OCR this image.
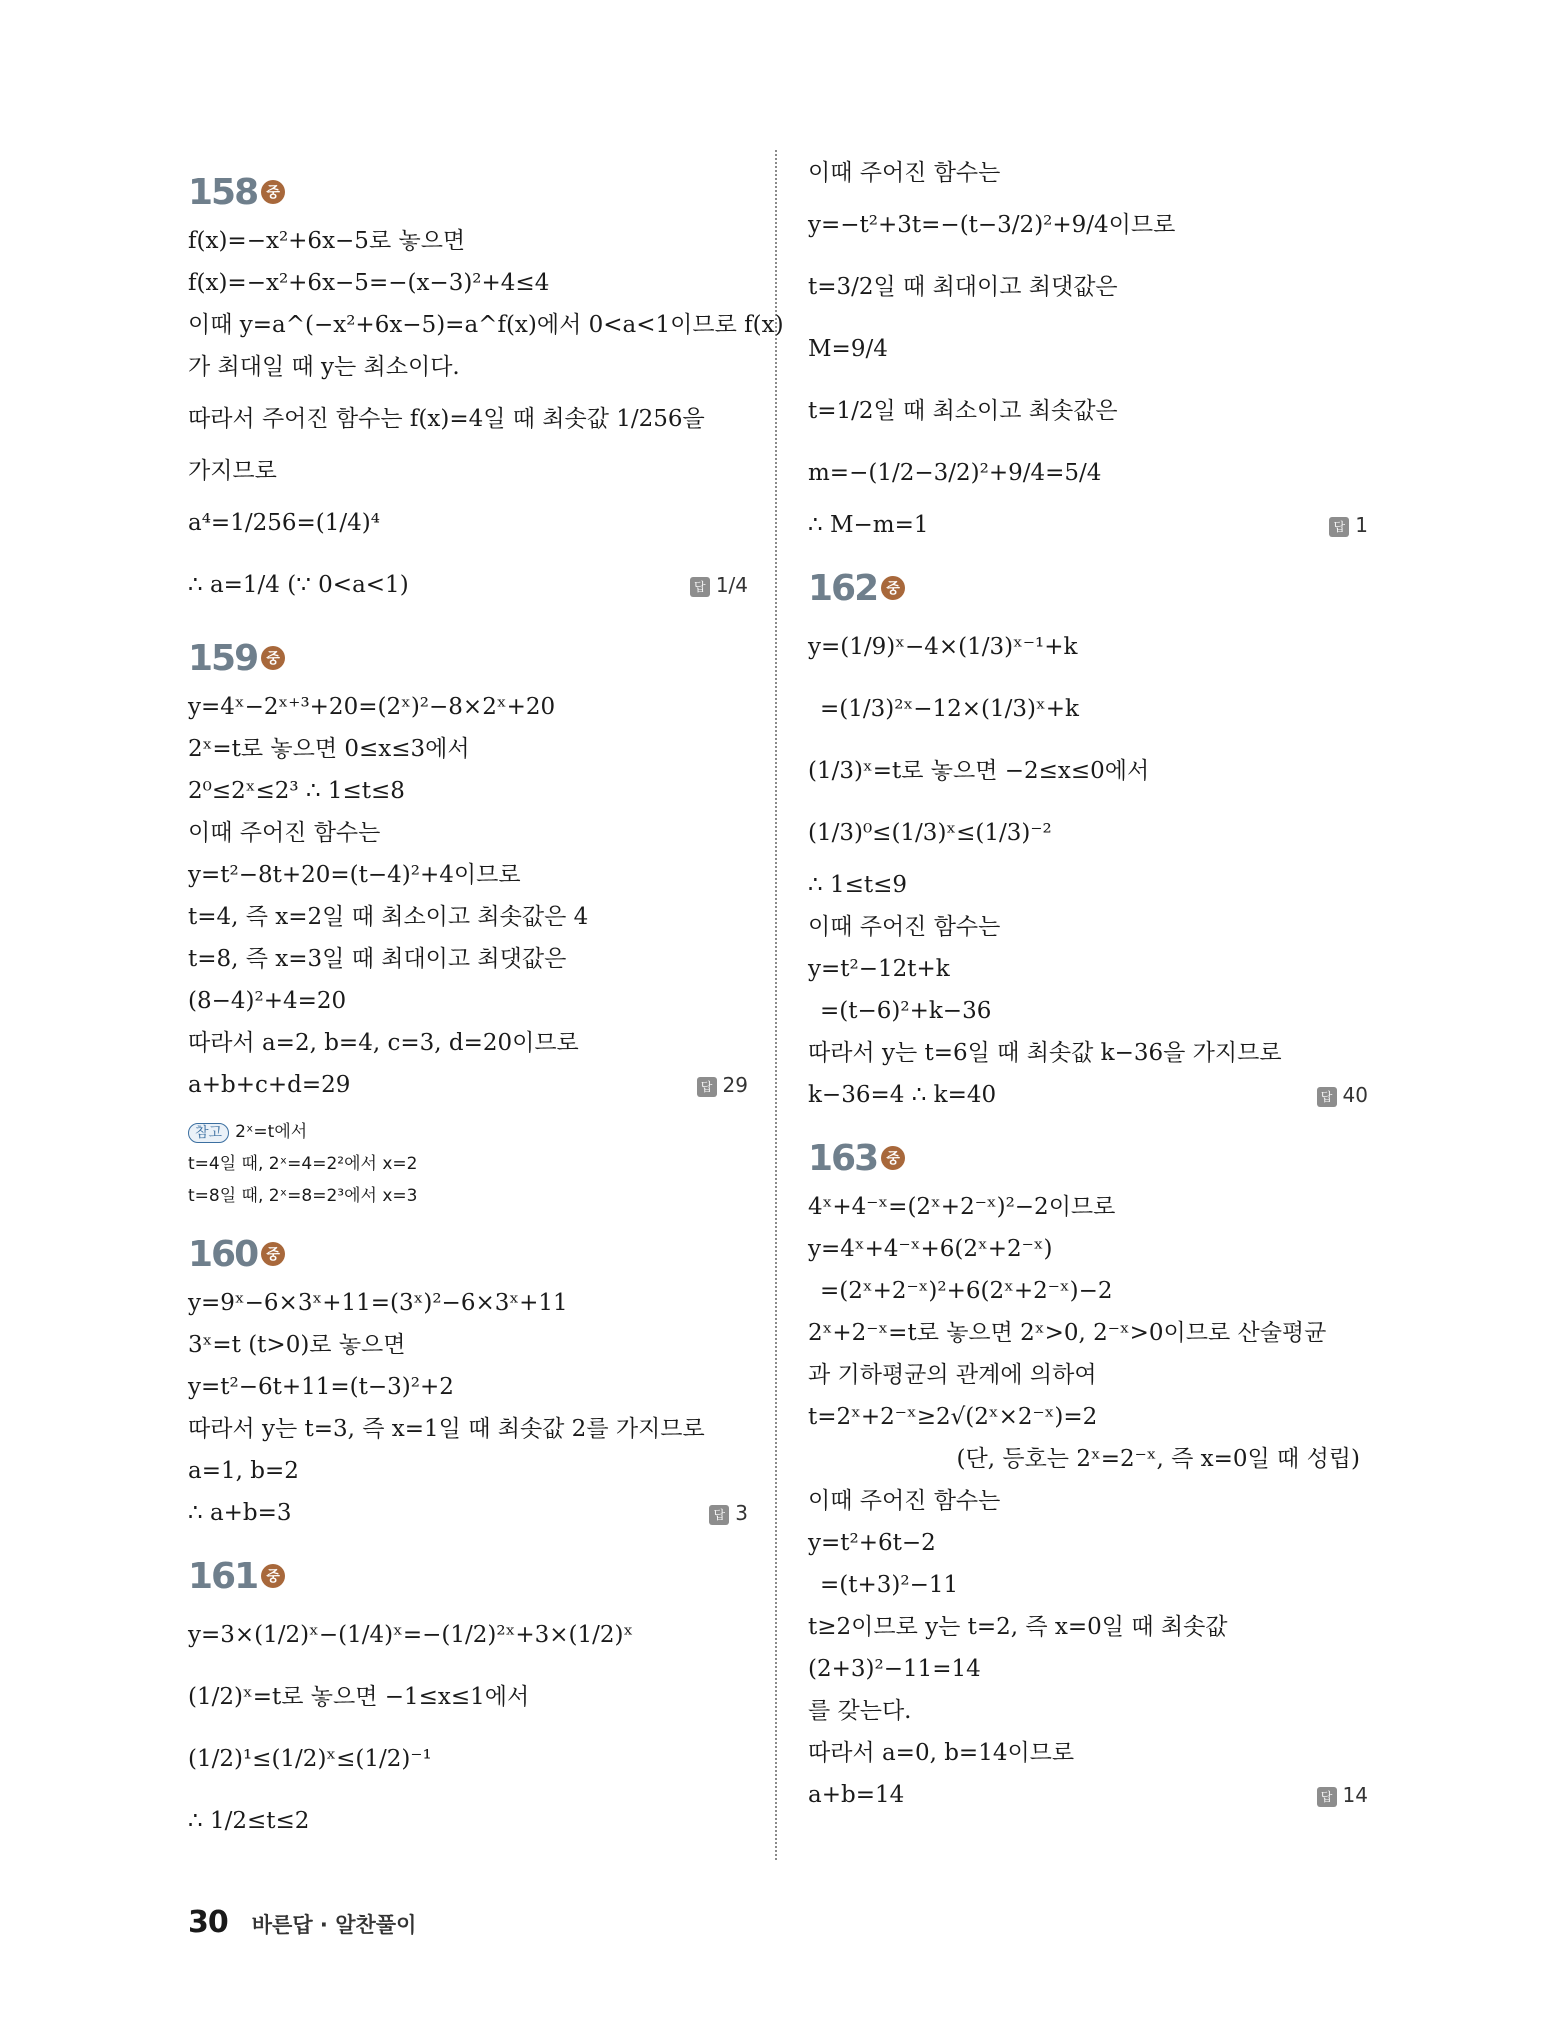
158 중
f(x)=−x²+6x−5로 놓으면
f(x)=−x²+6x−5=−(x−3)²+4≤4
이때 y=a^(−x²+6x−5)=a^f(x)에서 0<a<1이므로 f(x)
가 최대일 때 y는 최소이다.
따라서 주어진 함수는 f(x)=4일 때 최솟값 1/256을
가지므로
a⁴=1/256=(1/4)⁴
∴ a=1/4 (∵ 0<a<1)	답 1/4
159 중
y=4ˣ−2ˣ⁺³+20=(2ˣ)²−8×2ˣ+20
2ˣ=t로 놓으면 0≤x≤3에서
2⁰≤2ˣ≤2³ ∴ 1≤t≤8
이때 주어진 함수는
y=t²−8t+20=(t−4)²+4이므로
t=4, 즉 x=2일 때 최소이고 최솟값은 4
t=8, 즉 x=3일 때 최대이고 최댓값은
(8−4)²+4=20
따라서 a=2, b=4, c=3, d=20이므로
a+b+c+d=29	답 29
참고 2ˣ=t에서
t=4일 때, 2ˣ=4=2²에서 x=2
t=8일 때, 2ˣ=8=2³에서 x=3
160 중
y=9ˣ−6×3ˣ+11=(3ˣ)²−6×3ˣ+11
3ˣ=t (t>0)로 놓으면
y=t²−6t+11=(t−3)²+2
따라서 y는 t=3, 즉 x=1일 때 최솟값 2를 가지므로
a=1, b=2
∴ a+b=3	답 3
161 중
y=3×(1/2)ˣ−(1/4)ˣ=−(1/2)²ˣ+3×(1/2)ˣ
(1/2)ˣ=t로 놓으면 −1≤x≤1에서
(1/2)¹≤(1/2)ˣ≤(1/2)⁻¹
∴ 1/2≤t≤2
이때 주어진 함수는
y=−t²+3t=−(t−3/2)²+9/4이므로
t=3/2일 때 최대이고 최댓값은
M=9/4
t=1/2일 때 최소이고 최솟값은
m=−(1/2−3/2)²+9/4=5/4
∴ M−m=1	답 1
162 중
y=(1/9)ˣ−4×(1/3)ˣ⁻¹+k
=(1/3)²ˣ−12×(1/3)ˣ+k
(1/3)ˣ=t로 놓으면 −2≤x≤0에서
(1/3)⁰≤(1/3)ˣ≤(1/3)⁻²
∴ 1≤t≤9
이때 주어진 함수는
y=t²−12t+k
=(t−6)²+k−36
따라서 y는 t=6일 때 최솟값 k−36을 가지므로
k−36=4 ∴ k=40	답 40
163 중
4ˣ+4⁻ˣ=(2ˣ+2⁻ˣ)²−2이므로
y=4ˣ+4⁻ˣ+6(2ˣ+2⁻ˣ)
=(2ˣ+2⁻ˣ)²+6(2ˣ+2⁻ˣ)−2
2ˣ+2⁻ˣ=t로 놓으면 2ˣ>0, 2⁻ˣ>0이므로 산술평균
과 기하평균의 관계에 의하여
t=2ˣ+2⁻ˣ≥2√(2ˣ×2⁻ˣ)=2
(단, 등호는 2ˣ=2⁻ˣ, 즉 x=0일 때 성립)
이때 주어진 함수는
y=t²+6t−2
=(t+3)²−11
t≥2이므로 y는 t=2, 즉 x=0일 때 최솟값
(2+3)²−11=14
를 갖는다.
따라서 a=0, b=14이므로
a+b=14	답 14
30 바른답 · 알찬풀이
